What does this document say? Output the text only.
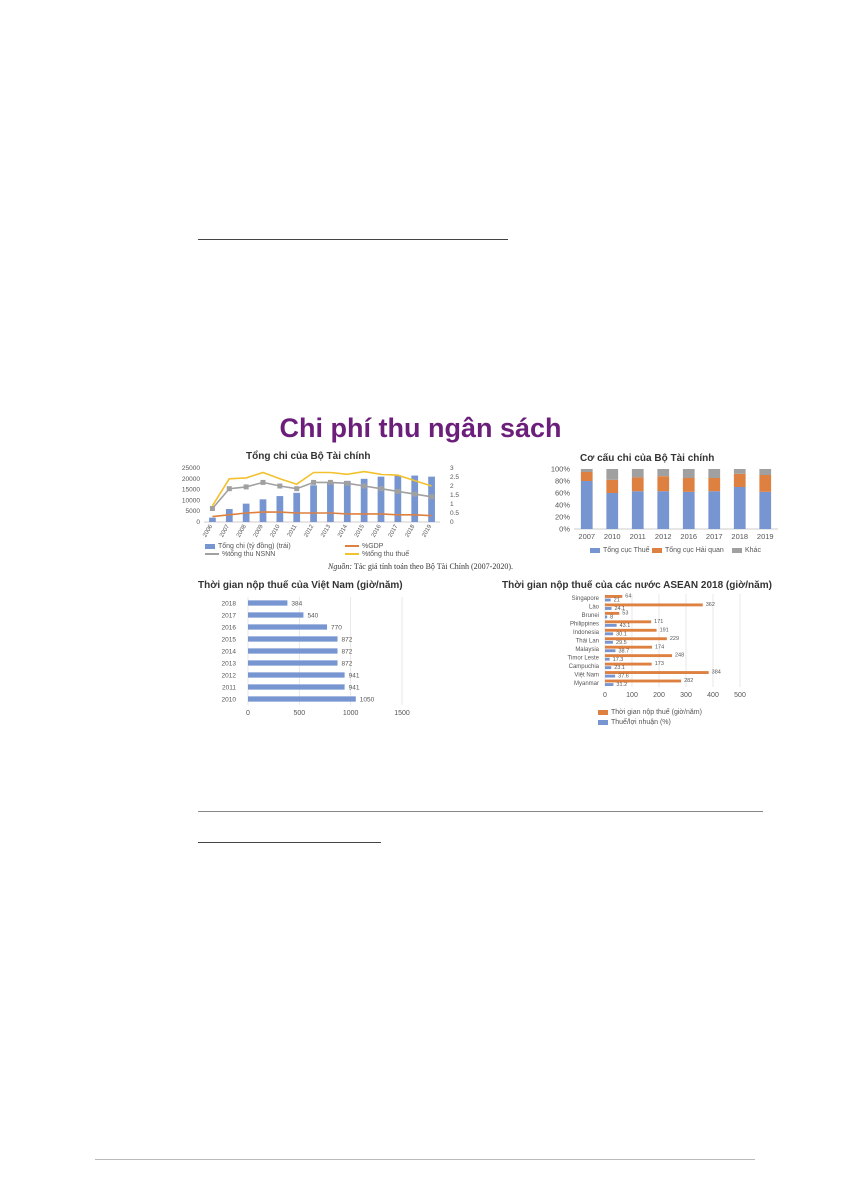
Chi phí thu ngân sách
Tổng chi của Bộ Tài chính
25000
20000
15000
10000
5000
0
3
2.5
2
1.5
1
0.5
0
2006 2007 2008 2009 2010 2011 2012 2013 2014 2015 2016 2017 2018 2019
Tổng chi (tỷ đồng) (trái)	%GDP
%tổng thu NSNN	%tổng thu thuế
Cơ cấu chi của Bộ Tài chính
100%
80%
60%
40%
20%
0%
2007 2010 2011 2012 2016 2017 2018 2019
Tổng cục Thuế	Tổng cục Hải quan	Khác
Nguồn: Tác giả tính toán theo Bộ Tài Chính (2007-2020).
Thời gian nộp thuế của Việt Nam (giờ/năm)
0	500	1000	1500
2018	384
2017	540
2016	770
2015	872
2014	872
2013	872
2012	941
2011	941
2010	1050
Thời gian nộp thuế của các nước ASEAN 2018 (giờ/năm)
0	100 200 300 400 500
Singapore	64
21
Lào	362
24.1
Brunei	53
8
Philippines	171
43.1
Indonesia	191
30.1
Thái Lan	229
29.5
Malaysia	174
38.7
Timor Leste	248
17.3
Campuchia	173
23.1
Việt Nam	384
37.6
Myanmar	282
31.2
Thời gian nộp thuế (giờ/năm)
Thuế/lợi nhuận (%)
